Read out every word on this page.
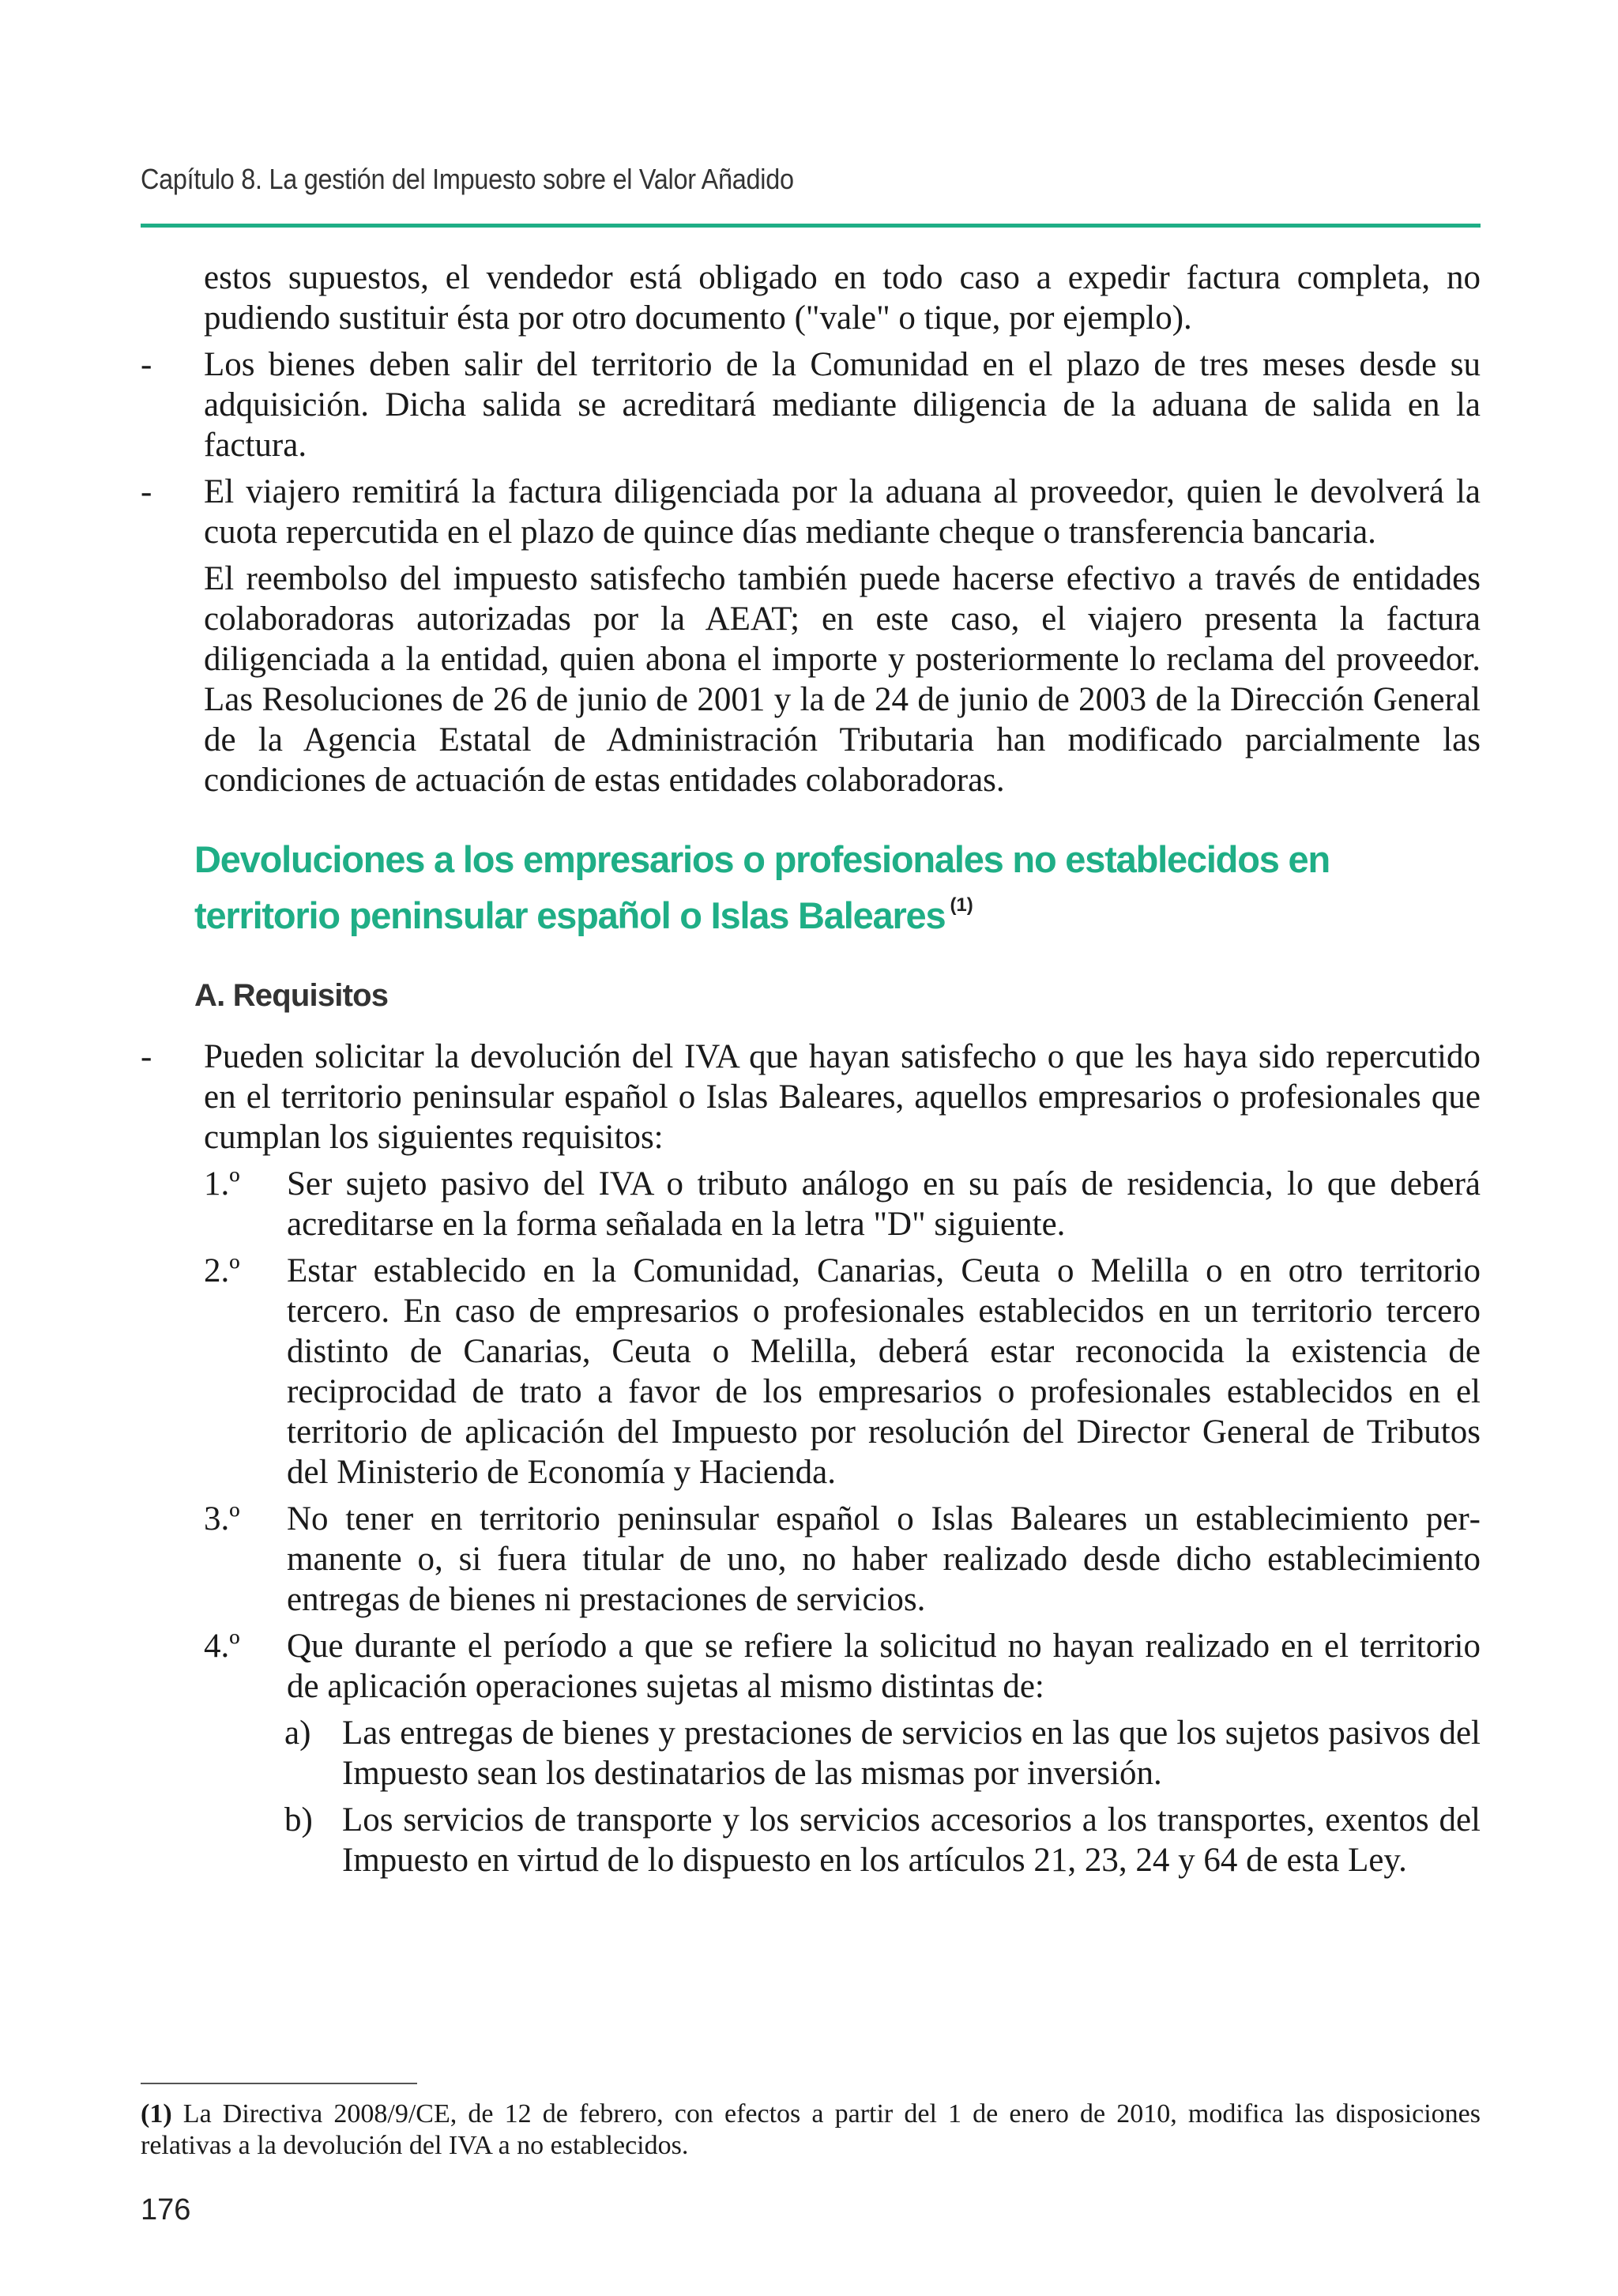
Capítulo 8. La gestión del Impuesto sobre el Valor Añadido

estos supuestos, el vendedor está obligado en todo caso a expedir factura completa, no pudiendo sustituir ésta por otro documento ("vale" o tique, por ejemplo).

- Los bienes deben salir del territorio de la Comunidad en el plazo de tres meses desde su adquisición. Dicha salida se acreditará mediante diligencia de la aduana de salida en la factura.
- El viajero remitirá la factura diligenciada por la aduana al proveedor, quien le devolverá la cuota repercutida en el plazo de quince días mediante cheque o transferencia bancaria.

El reembolso del impuesto satisfecho también puede hacerse efectivo a través de entidades colaboradoras autorizadas por la AEAT; en este caso, el viajero presenta la factura diligenciada a la entidad, quien abona el importe y posteriormente lo reclama del proveedor. Las Resoluciones de 26 de junio de 2001 y la de 24 de junio de 2003 de la Dirección General de la Agencia Estatal de Administración Tributaria han modificado parcialmente las condiciones de actuación de estas entidades colaboradoras.

Devoluciones a los empresarios o profesionales no establecidos en territorio peninsular español o Islas Baleares $^{(1)}$
A. Requisitos
- Pueden solicitar la devolución del IVA que hayan satisfecho o que les haya sido repercutido en el territorio peninsular español o Islas Baleares, aquellos empresarios o profesionales que cumplan los siguientes requisitos:
1.º Ser sujeto pasivo del IVA o tributo análogo en su país de residencia, lo que deberá acreditarse en la forma señalada en la letra "D" siguiente.
2.º Estar establecido en la Comunidad, Canarias, Ceuta o Melilla o en otro territorio tercero. En caso de empresarios o profesionales establecidos en un territorio tercero distinto de Canarias, Ceuta o Melilla, deberá estar reconocida la existencia de reciprocidad de trato a favor de los empresarios o profesionales establecidos en el territorio de aplicación del Impuesto por resolución del Director General de Tributos del Ministerio de Economía y Hacienda.
3.º No tener en territorio peninsular español o Islas Baleares un establecimiento permanente o, si fuera titular de uno, no haber realizado desde dicho establecimiento entregas de bienes ni prestaciones de servicios.
4.º Que durante el período a que se refiere la solicitud no hayan realizado en el territorio de aplicación operaciones sujetas al mismo distintas de:
a) Las entregas de bienes y prestaciones de servicios en las que los sujetos pasivos del Impuesto sean los destinatarios de las mismas por inversión.
b) Los servicios de transporte y los servicios accesorios a los transportes, exentos del Impuesto en virtud de lo dispuesto en los artículos 21, 23, 24 y 64 de esta Ley.
(1) La Directiva 2008/9/CE, de 12 de febrero, con efectos a partir del 1 de enero de 2010, modifica las disposiciones relativas a la devolución del IVA a no establecidos.
176
